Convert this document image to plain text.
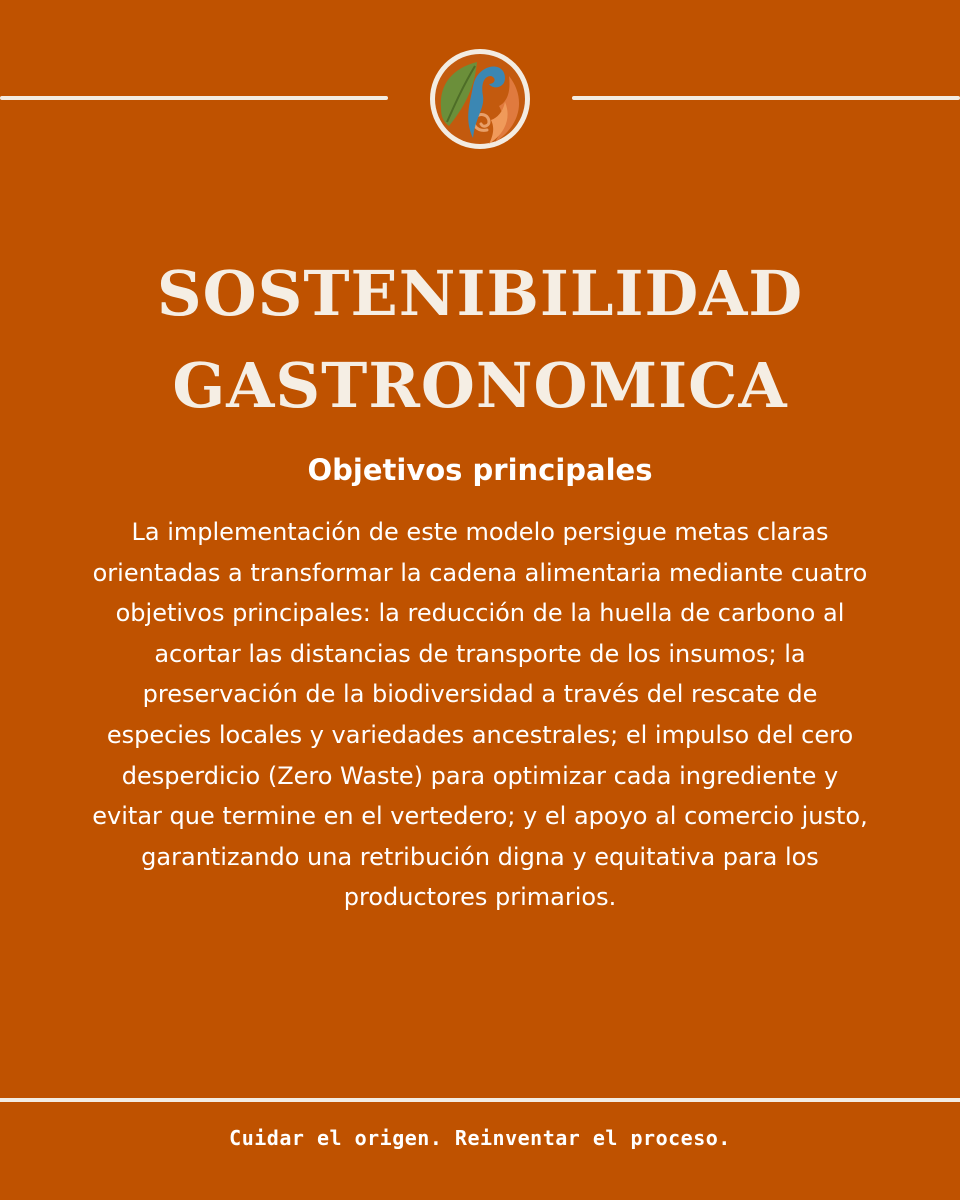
SOSTENIBILIDAD
GASTRONOMICA
Objetivos principales

La implementación de este modelo persigue metas claras orientadas a transformar la cadena alimentaria mediante cuatro objetivos principales: la reducción de la huella de carbono al acortar las distancias de transporte de los insumos; la preservación de la biodiversidad a través del rescate de especies locales y variedades ancestrales; el impulso del cero desperdicio (Zero Waste) para optimizar cada ingrediente y evitar que termine en el vertedero; y el apoyo al comercio justo, garantizando una retribución digna y equitativa para los productores primarios.

Cuidar el origen. Reinventar el proceso.
